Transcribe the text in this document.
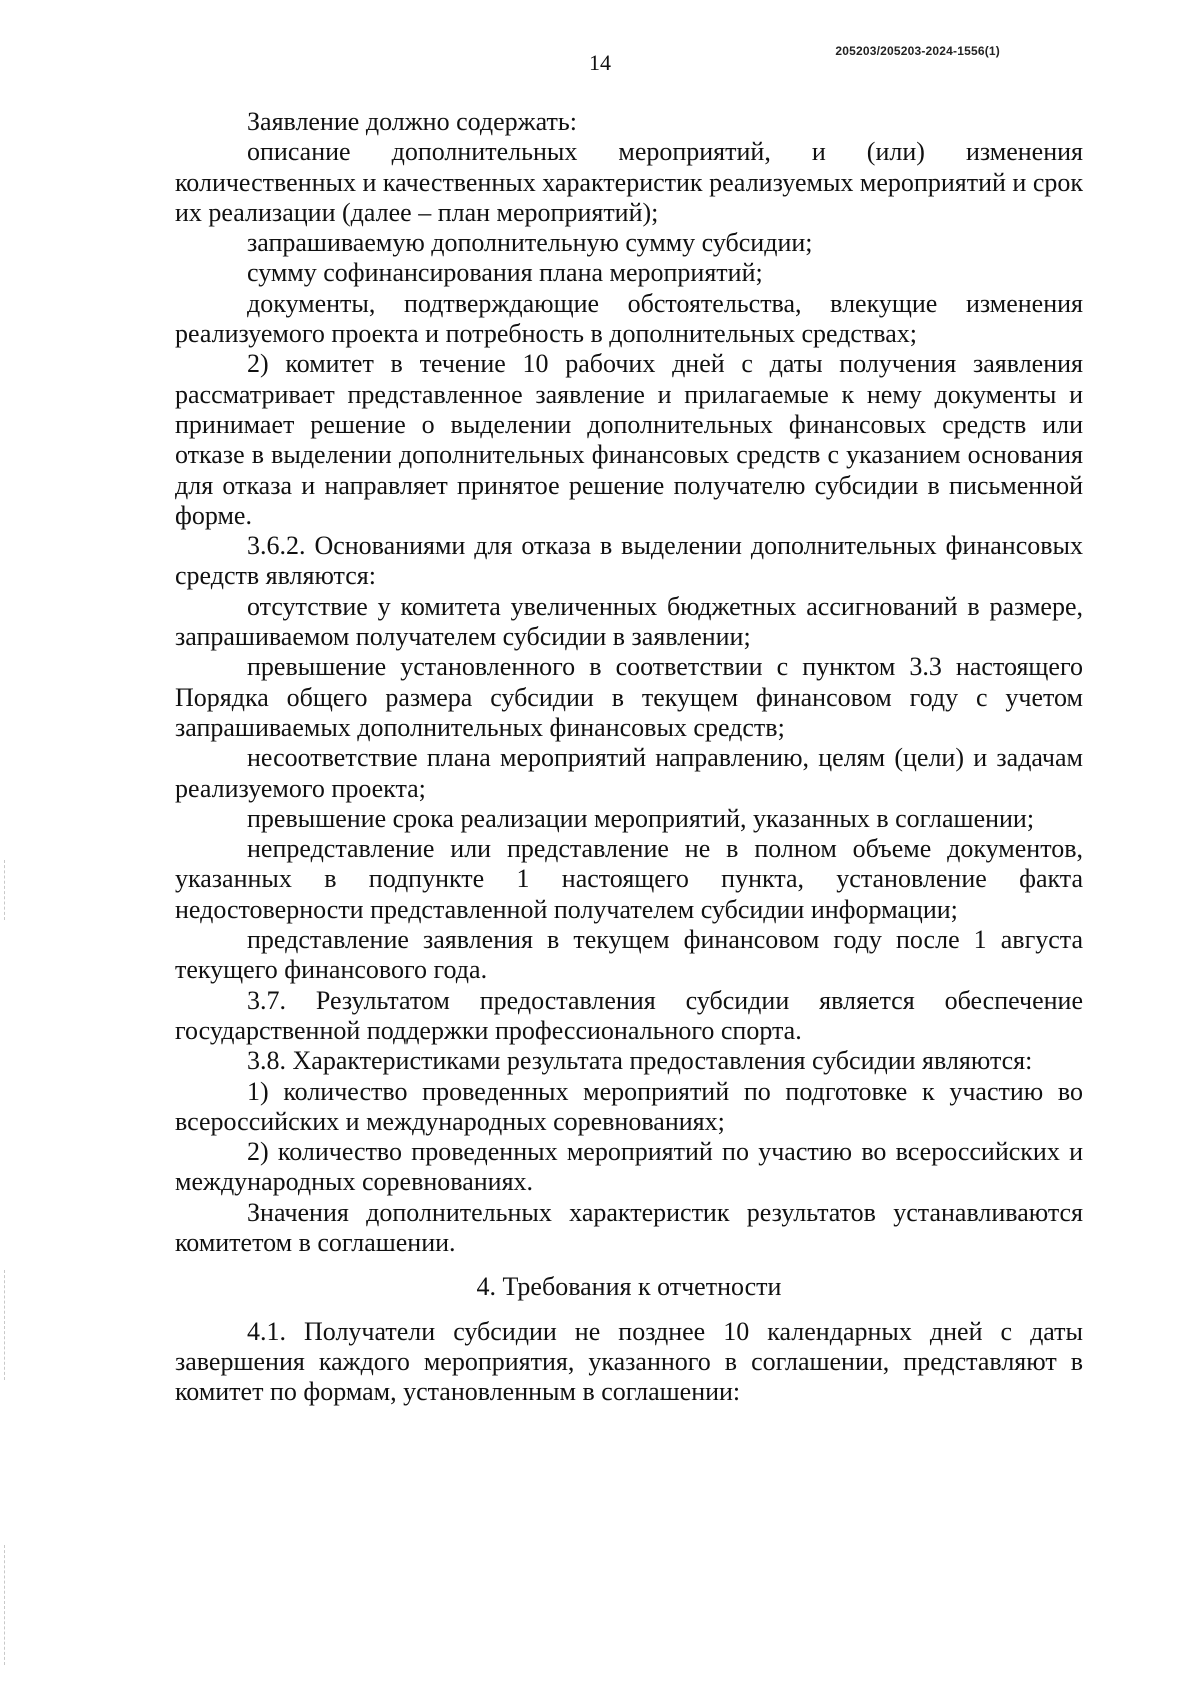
14	205203/205203-2024-1556(1)

Заявление должно содержать:

описание дополнительных мероприятий, и (или) изменения количественных и качественных характеристик реализуемых мероприятий и срок их реализации (далее – план мероприятий);

запрашиваемую дополнительную сумму субсидии;

сумму софинансирования плана мероприятий;

документы, подтверждающие обстоятельства, влекущие изменения реализуемого проекта и потребность в дополнительных средствах;

2) комитет в течение 10 рабочих дней с даты получения заявления рассматривает представленное заявление и прилагаемые к нему документы и принимает решение о выделении дополнительных финансовых средств или отказе в выделении дополнительных финансовых средств с указанием основания для отказа и направляет принятое решение получателю субсидии в письменной форме.

3.6.2. Основаниями для отказа в выделении дополнительных финансовых средств являются:

отсутствие у комитета увеличенных бюджетных ассигнований в размере, запрашиваемом получателем субсидии в заявлении;

превышение установленного в соответствии с пунктом 3.3 настоящего Порядка общего размера субсидии в текущем финансовом году с учетом запрашиваемых дополнительных финансовых средств;

несоответствие плана мероприятий направлению, целям (цели) и задачам реализуемого проекта;

превышение срока реализации мероприятий, указанных в соглашении;

непредставление или представление не в полном объеме документов, указанных в подпункте 1 настоящего пункта, установление факта недостоверности представленной получателем субсидии информации;

представление заявления в текущем финансовом году после 1 августа текущего финансового года.

3.7. Результатом предоставления субсидии является обеспечение государственной поддержки профессионального спорта.

3.8. Характеристиками результата предоставления субсидии являются:

1) количество проведенных мероприятий по подготовке к участию во всероссийских и международных соревнованиях;

2) количество проведенных мероприятий по участию во всероссийских и международных соревнованиях.

Значения дополнительных характеристик результатов устанавливаются комитетом в соглашении.

4. Требования к отчетности

4.1. Получатели субсидии не позднее 10 календарных дней с даты завершения каждого мероприятия, указанного в соглашении, представляют в комитет по формам, установленным в соглашении:
